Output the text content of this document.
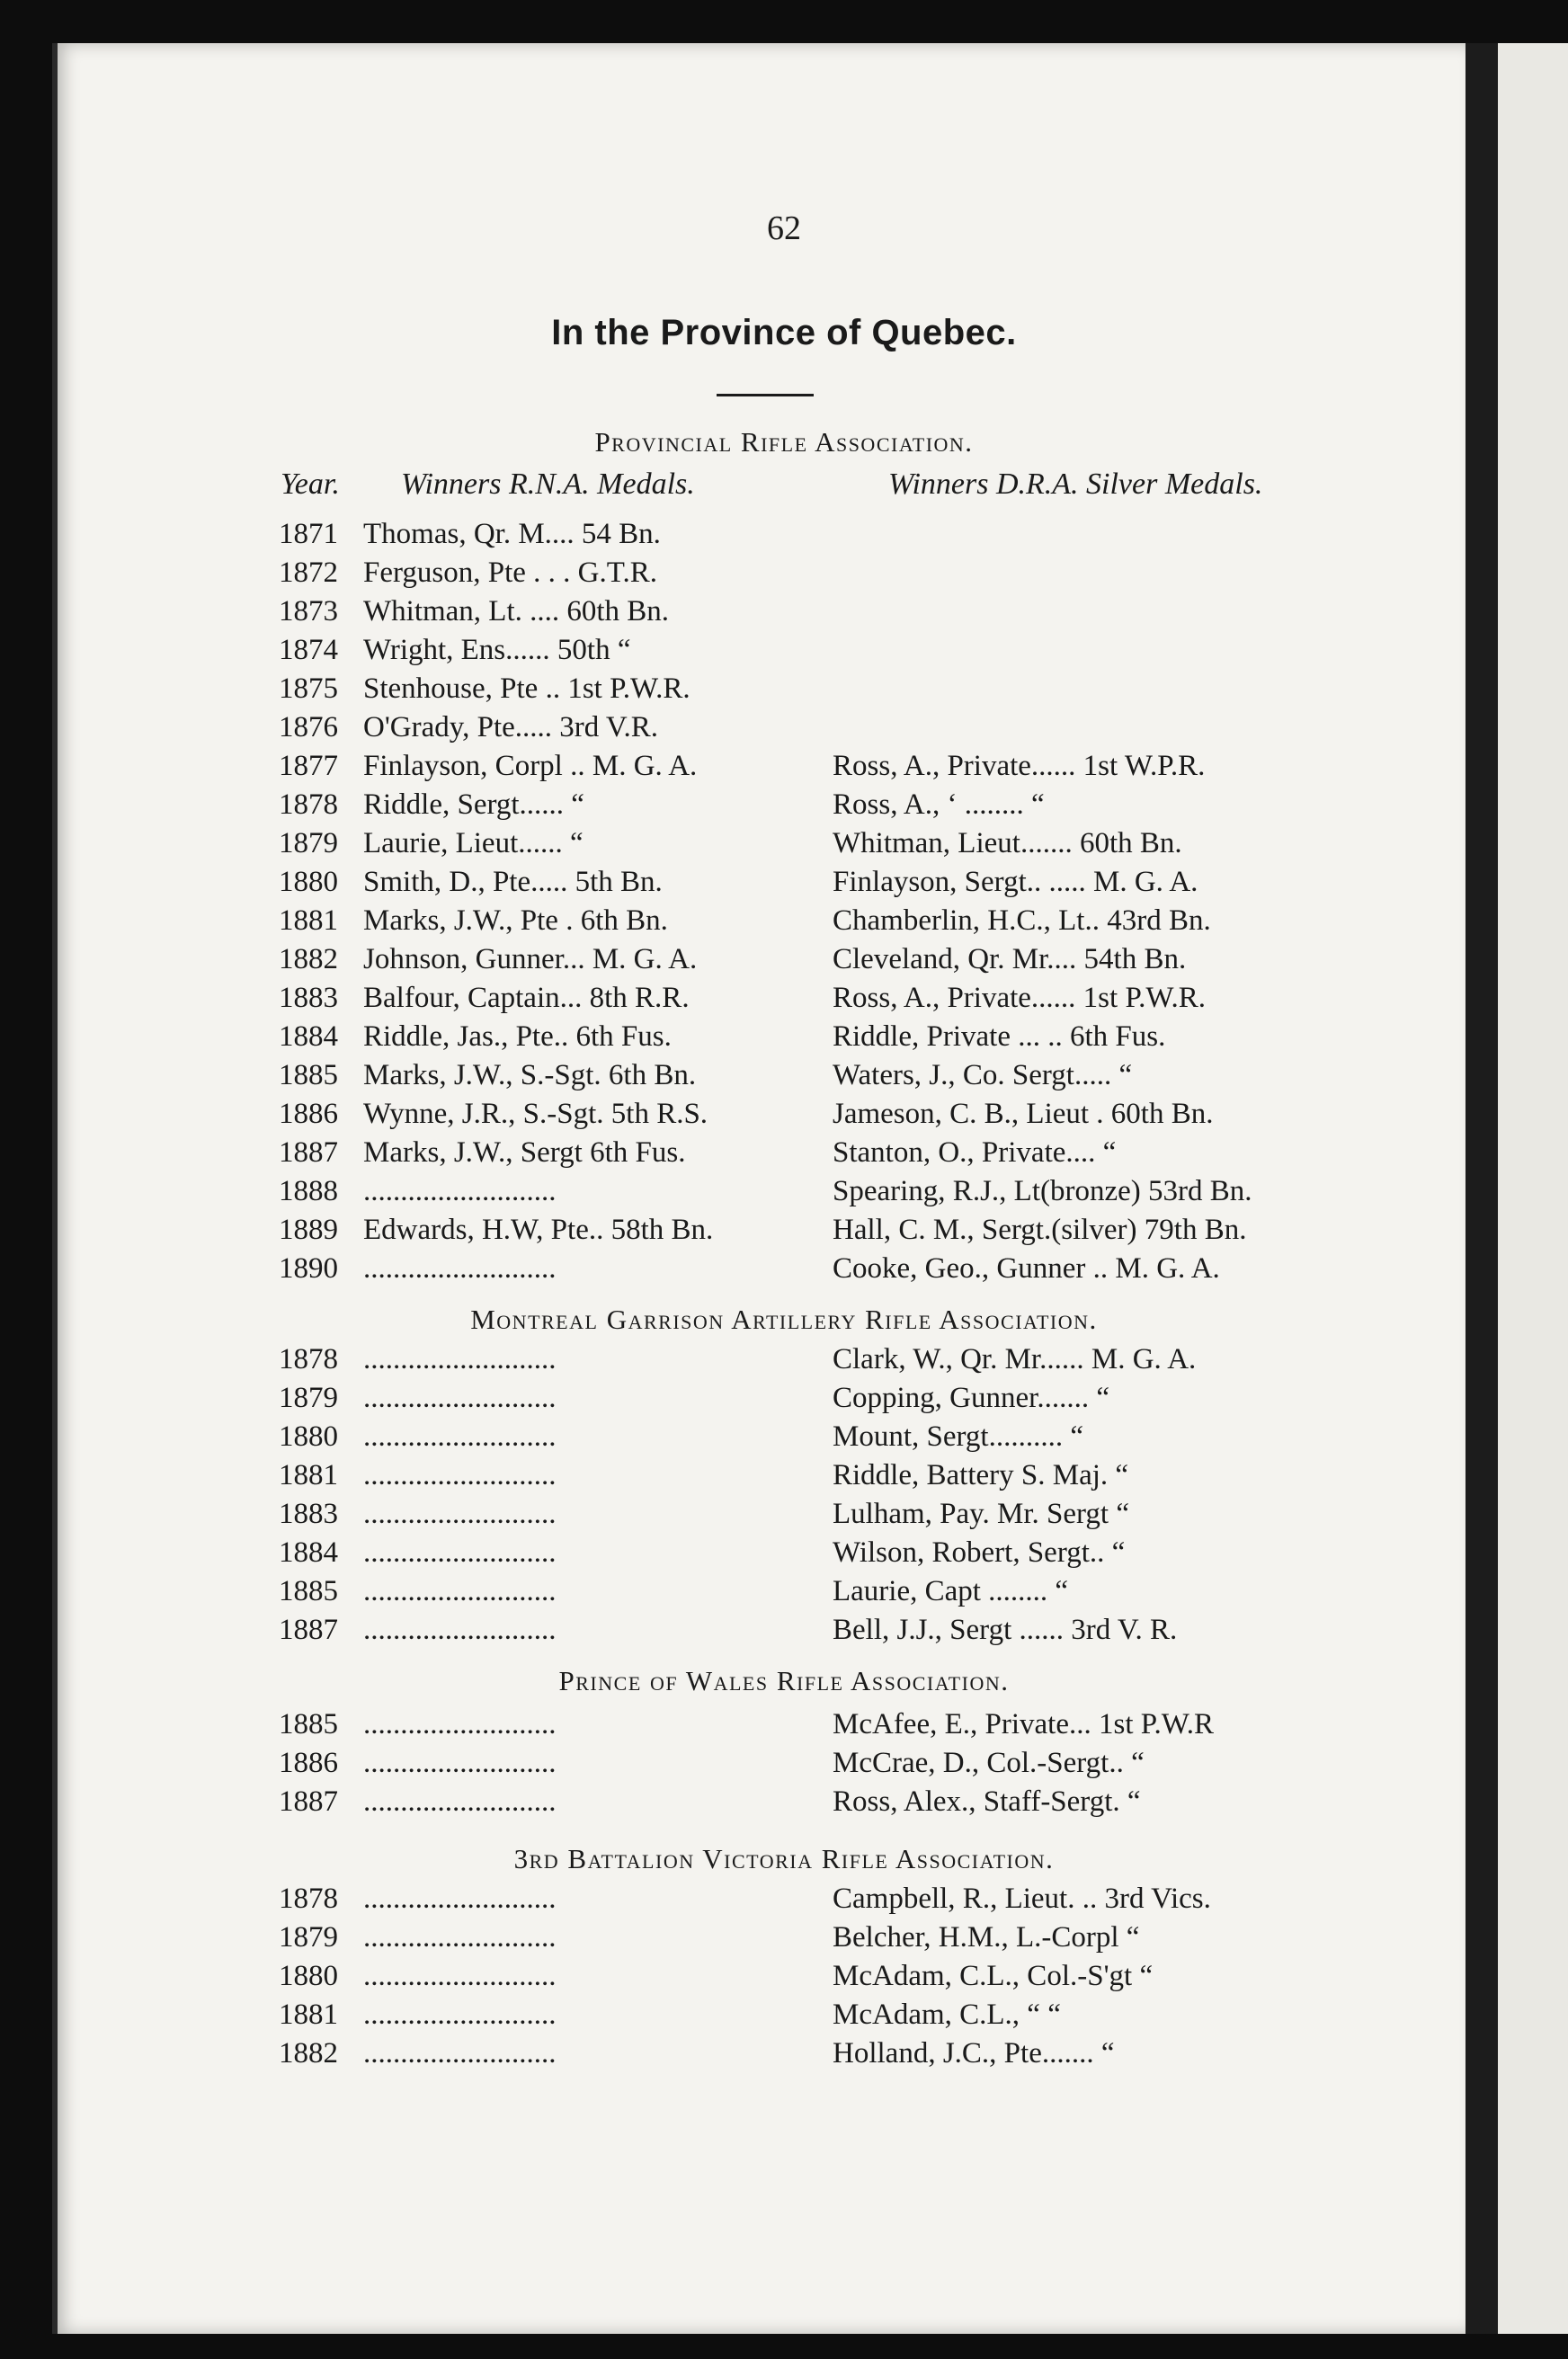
62
In the Province of Quebec.
Provincial Rifle Association.
Year. Winners R.N.A. Medals.	Winners D.R.A. Silver Medals.
1871 Thomas, Qr. M.... 54 Bn.
1872 Ferguson, Pte . . . G.T.R.
1873 Whitman, Lt. .... 60th Bn.
1874 Wright, Ens...... 50th “
1875 Stenhouse, Pte .. 1st P.W.R.
1876 O'Grady, Pte..... 3rd V.R.
1877 Finlayson, Corpl .. M. G. A.	Ross, A., Private...... 1st W.P.R.
1878 Riddle, Sergt...... “	Ross, A., ‘ ........ “
1879 Laurie, Lieut...... “	Whitman, Lieut....... 60th Bn.
1880 Smith, D., Pte..... 5th Bn.	Finlayson, Sergt.. ..... M. G. A.
1881 Marks, J.W., Pte . 6th Bn.	Chamberlin, H.C., Lt.. 43rd Bn.
1882 Johnson, Gunner... M. G. A.	Cleveland, Qr. Mr.... 54th Bn.
1883 Balfour, Captain... 8th R.R.	Ross, A., Private...... 1st P.W.R.
1884 Riddle, Jas., Pte.. 6th Fus.	Riddle, Private ... .. 6th Fus.
1885 Marks, J.W., S.-Sgt. 6th Bn.	Waters, J., Co. Sergt..... “
1886 Wynne, J.R., S.-Sgt. 5th R.S.	Jameson, C. B., Lieut . 60th Bn.
1887 Marks, J.W., Sergt 6th Fus.	Stanton, O., Private.... “
1888 ..........................	Spearing, R.J., Lt(bronze) 53rd Bn.
1889 Edwards, H.W, Pte.. 58th Bn.	Hall, C. M., Sergt.(silver) 79th Bn.
1890 ..........................	Cooke, Geo., Gunner .. M. G. A.
Montreal Garrison Artillery Rifle Association.
1878 ..........................	Clark, W., Qr. Mr...... M. G. A.
1879 ..........................	Copping, Gunner....... “
1880 ..........................	Mount, Sergt.......... “
1881 ..........................	Riddle, Battery S. Maj. “
1883 ..........................	Lulham, Pay. Mr. Sergt “
1884 ..........................	Wilson, Robert, Sergt.. “
1885 ..........................	Laurie, Capt ........ “
1887 ..........................	Bell, J.J., Sergt ...... 3rd V. R.
Prince of Wales Rifle Association.
1885 ..........................	McAfee, E., Private... 1st P.W.R
1886 ..........................	McCrae, D., Col.-Sergt.. “
1887 ..........................	Ross, Alex., Staff-Sergt. “
3rd Battalion Victoria Rifle Association.
1878 ..........................	Campbell, R., Lieut. .. 3rd Vics.
1879 ..........................	Belcher, H.M., L.-Corpl “
1880 ..........................	McAdam, C.L., Col.-S'gt “
1881 ..........................	McAdam, C.L., “ “
1882 ..........................	Holland, J.C., Pte....... “
